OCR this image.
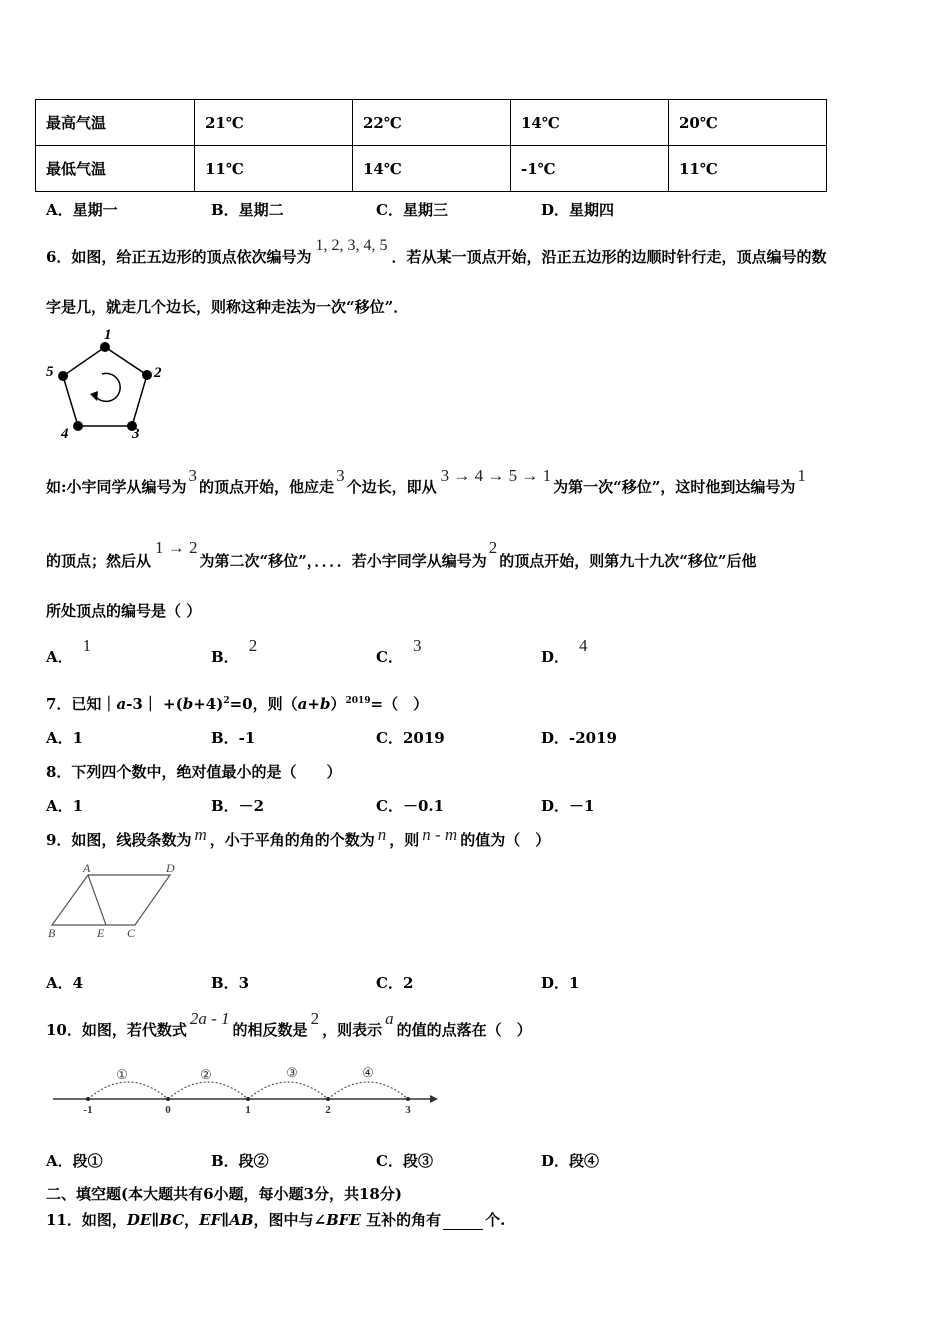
最高气温	21℃	22℃	14℃	20℃
最低气温	11℃	14℃	-1℃	11℃
A．星期一	B．星期二	C．星期三	D．星期四
6．如图，给正五边形的顶点依次编号为1, 2, 3, 4, 5．若从某一顶点开始，沿正五边形的边顺时针行走，顶点编号的数
字是几，就走几个边长，则称这种走法为一次“移位”．
1
2
3
4
5
如:小宇同学从编号为3的顶点开始，他应走3个边长，即从3 → 4 → 5 → 1为第一次“移位”，这时他到达编号为1
的顶点；然后从1 → 2为第二次“移位”，．．．．若小宇同学从编号为2的顶点开始，则第九十九次“移位”后他
所处顶点的编号是（ ）
A．1
B．2
C．3
D．4
7．已知｜a-3｜ $+(b+4)^2=0$，则$(a+b)^{2019}=$（　）
A．1	B．-1	C．2019	D．-2019
8．下列四个数中，绝对值最小的是（　　）
A．1	B．－2	C．－0.1	D．－1
9．如图，线段条数为 m ，小于平角的角的个数为 n ，则 n - m 的值为（　）
A	D
B	E C
A．4	B．3	C．2	D．1
10．如图，若代数式2a - 1的相反数是2，则表示a的值的点落在（　）
①	②	③	④
-1	0	1	2	3
A．段①	B．段②	C．段③	D．段④
二、填空题(本大题共有6小题，每小题3分，共18分)
11．如图，DE∥BC，EF∥AB，图中与∠BFE 互补的角有	个.
